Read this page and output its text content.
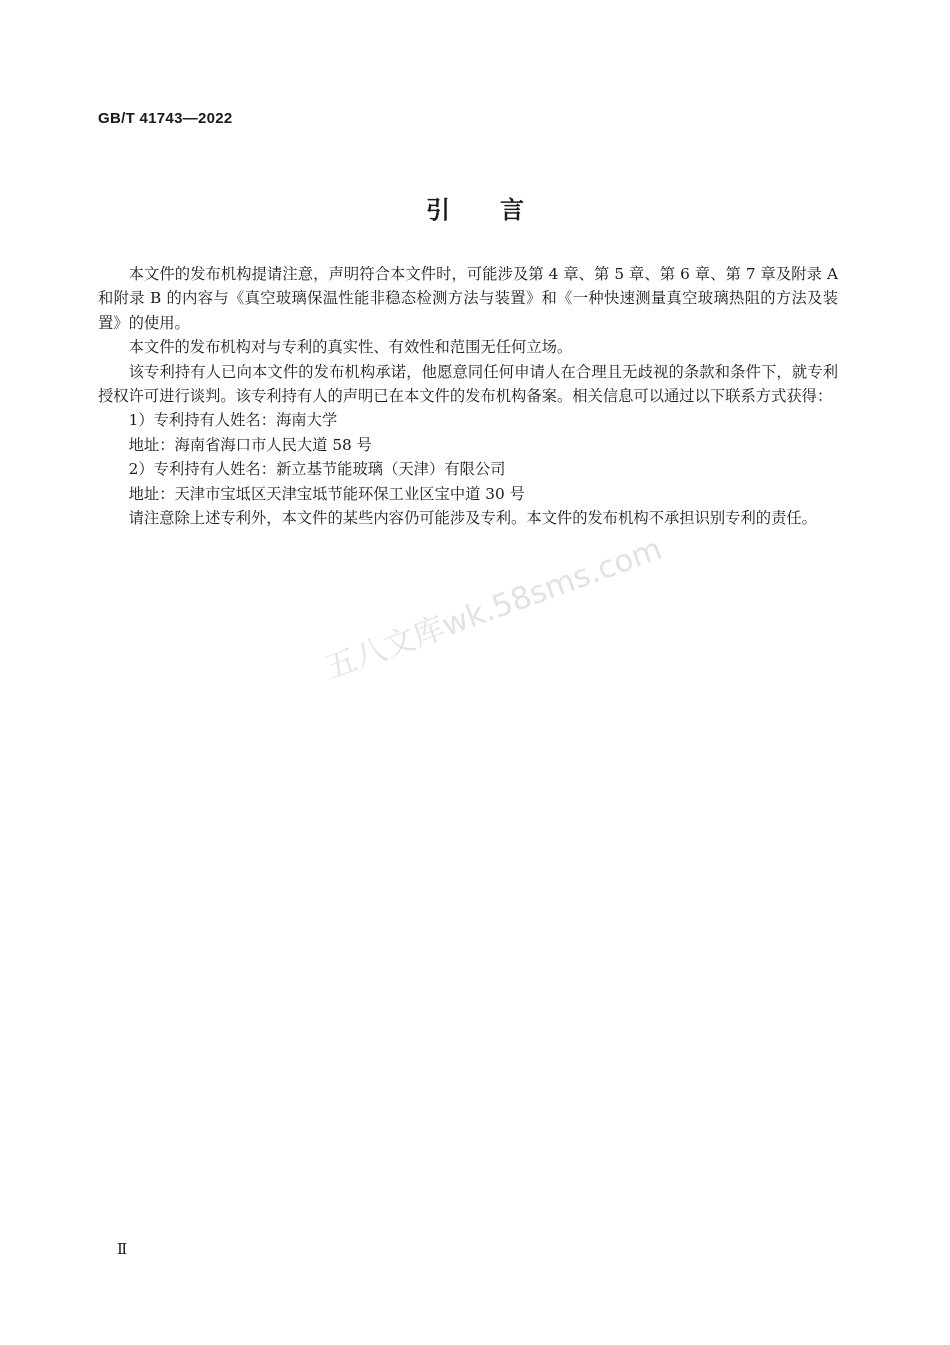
GB/T 41743—2022
引言

本文件的发布机构提请注意，声明符合本文件时，可能涉及第 4 章、第 5 章、第 6 章、第 7 章及附录 A 和附录 B 的内容与《真空玻璃保温性能非稳态检测方法与装置》和《一种快速测量真空玻璃热阻的方法及装置》的使用。

本文件的发布机构对与专利的真实性、有效性和范围无任何立场。

该专利持有人已向本文件的发布机构承诺，他愿意同任何申请人在合理且无歧视的条款和条件下，就专利授权许可进行谈判。该专利持有人的声明已在本文件的发布机构备案。相关信息可以通过以下联系方式获得：

1）专利持有人姓名：海南大学

地址：海南省海口市人民大道 58 号

2）专利持有人姓名：新立基节能玻璃（天津）有限公司

地址：天津市宝坻区天津宝坻节能环保工业区宝中道 30 号

请注意除上述专利外，本文件的某些内容仍可能涉及专利。本文件的发布机构不承担识别专利的责任。

五八文库wk.58sms.com
Ⅱ
